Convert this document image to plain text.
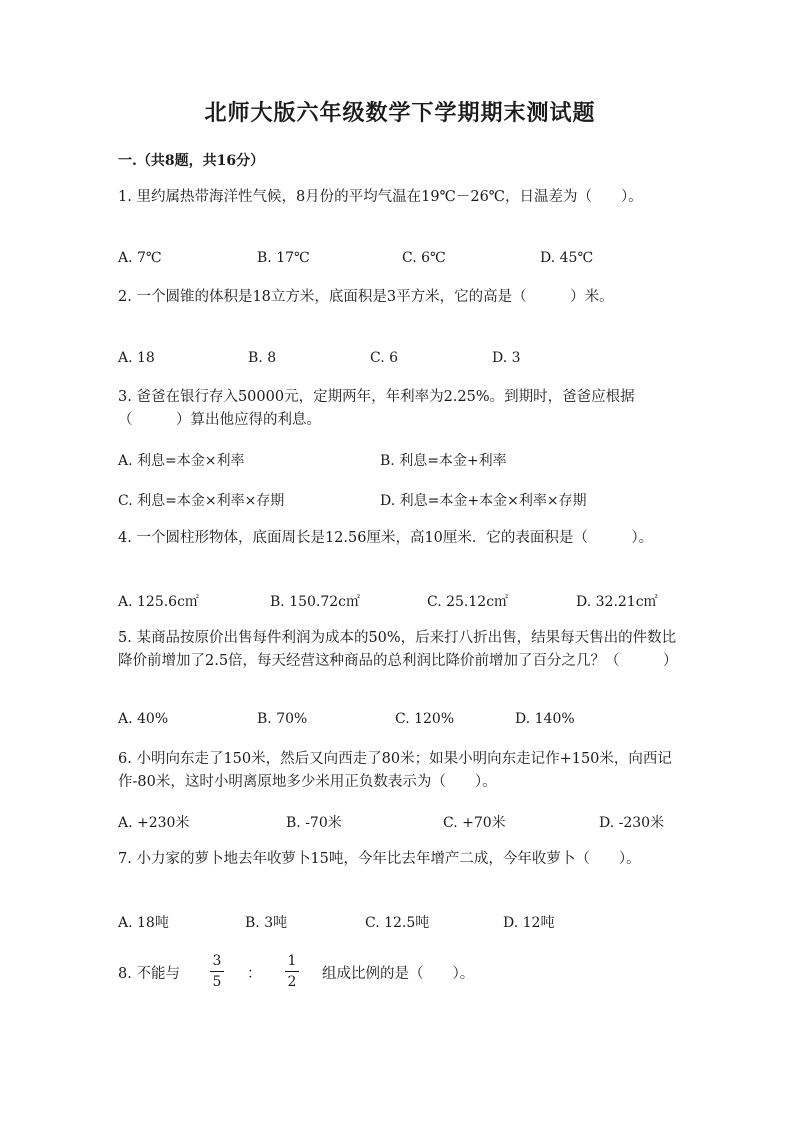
北师大版六年级数学下学期期末测试题
一.（共8题，共16分）
1. 里约属热带海洋性气候，8月份的平均气温在19℃－26℃，日温差为（　　）。
A. 7℃	B. 17℃	C. 6℃	D. 45℃
2. 一个圆锥的体积是18立方米，底面积是3平方米，它的高是（　　　）米。
A. 18	B. 8	C. 6	D. 3
3. 爸爸在银行存入50000元，定期两年，年利率为2.25%。到期时，爸爸应根据（　　　）算出他应得的利息。
A. 利息=本金×利率	B. 利息=本金+利率
C. 利息=本金×利率×存期	D. 利息=本金+本金×利率×存期
4. 一个圆柱形物体，底面周长是12.56厘米，高10厘米．它的表面积是（　　　）。
A. 125.6c㎡	B. 150.72c㎡	C. 25.12c㎡	D. 32.21c㎡
5. 某商品按原价出售每件利润为成本的50%，后来打八折出售，结果每天售出的件数比降价前增加了2.5倍，每天经营这种商品的总利润比降价前增加了百分之几？（　　　）
A. 40%	B. 70%	C. 120%	D. 140%
6. 小明向东走了150米，然后又向西走了80米；如果小明向东走记作+150米，向西记作-80米，这时小明离原地多少米用正负数表示为（　　）。
A. +230米	B. -70米	C. +70米	D. -230米
7. 小力家的萝卜地去年收萝卜15吨，今年比去年增产二成，今年收萝卜（　　）。
A. 18吨	B. 3吨	C. 12.5吨	D. 12吨
8. 不能与
3
5 ：
1
2 组成比例的是（　　）。
